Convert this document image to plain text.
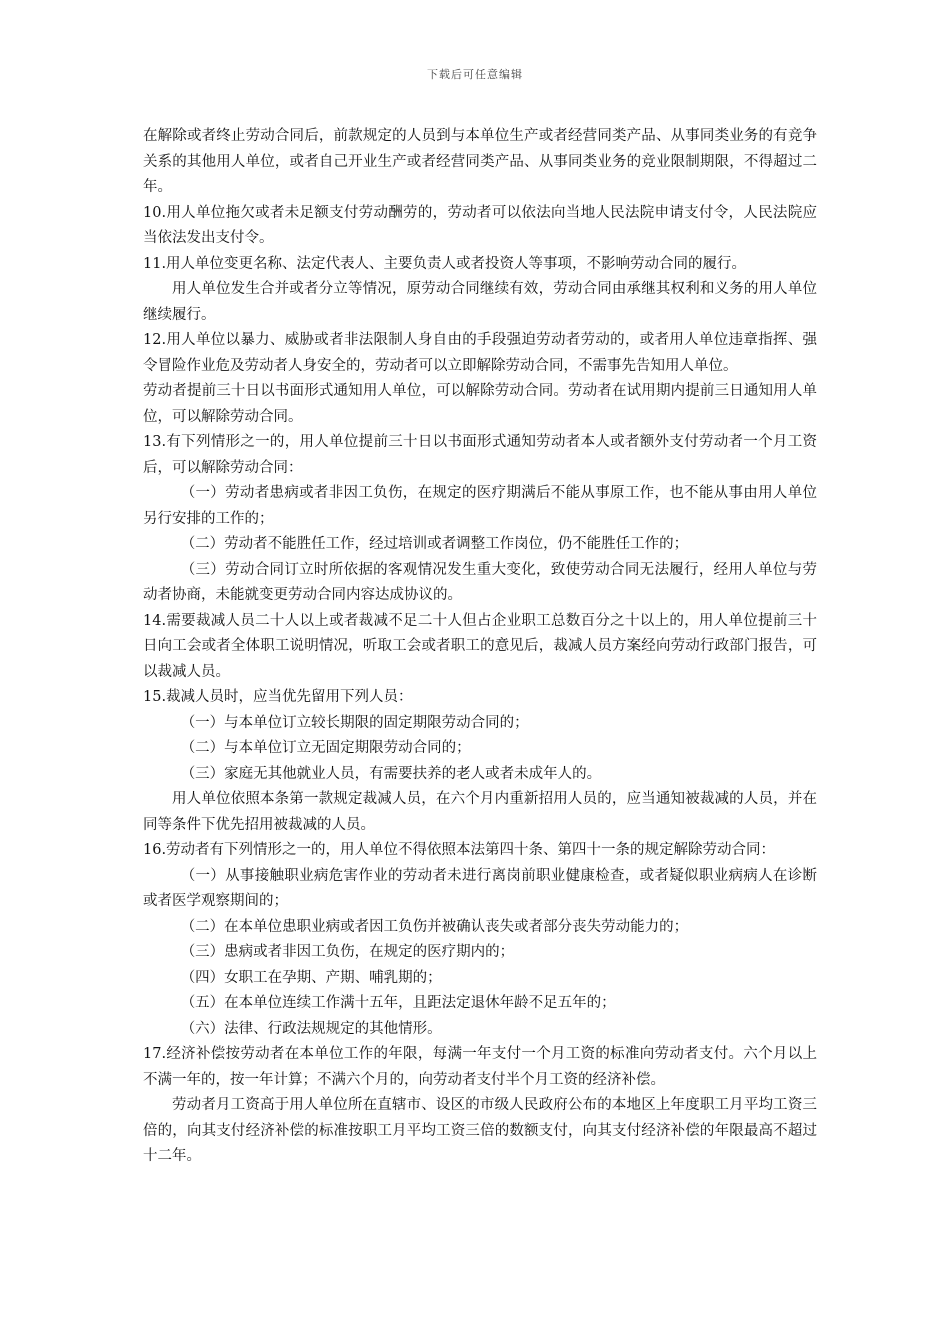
下载后可任意编辑

在解除或者终止劳动合同后，前款规定的人员到与本单位生产或者经营同类产品、从事同类业务的有竞争关系的其他用人单位，或者自己开业生产或者经营同类产品、从事同类业务的竞业限制期限，不得超过二年。

10.用人单位拖欠或者未足额支付劳动酬劳的，劳动者可以依法向当地人民法院申请支付令，人民法院应当依法发出支付令。

11.用人单位变更名称、法定代表人、主要负责人或者投资人等事项，不影响劳动合同的履行。

用人单位发生合并或者分立等情况，原劳动合同继续有效，劳动合同由承继其权利和义务的用人单位继续履行。

12.用人单位以暴力、威胁或者非法限制人身自由的手段强迫劳动者劳动的，或者用人单位违章指挥、强令冒险作业危及劳动者人身安全的，劳动者可以立即解除劳动合同，不需事先告知用人单位。

劳动者提前三十日以书面形式通知用人单位，可以解除劳动合同。劳动者在试用期内提前三日通知用人单位，可以解除劳动合同。

13.有下列情形之一的，用人单位提前三十日以书面形式通知劳动者本人或者额外支付劳动者一个月工资后，可以解除劳动合同：

（一）劳动者患病或者非因工负伤，在规定的医疗期满后不能从事原工作，也不能从事由用人单位另行安排的工作的；

（二）劳动者不能胜任工作，经过培训或者调整工作岗位，仍不能胜任工作的；

（三）劳动合同订立时所依据的客观情况发生重大变化，致使劳动合同无法履行，经用人单位与劳动者协商，未能就变更劳动合同内容达成协议的。

14.需要裁减人员二十人以上或者裁减不足二十人但占企业职工总数百分之十以上的，用人单位提前三十日向工会或者全体职工说明情况，听取工会或者职工的意见后，裁减人员方案经向劳动行政部门报告，可以裁减人员。

15.裁减人员时，应当优先留用下列人员：

（一）与本单位订立较长期限的固定期限劳动合同的；

（二）与本单位订立无固定期限劳动合同的；

（三）家庭无其他就业人员，有需要扶养的老人或者未成年人的。

用人单位依照本条第一款规定裁减人员，在六个月内重新招用人员的，应当通知被裁减的人员，并在同等条件下优先招用被裁减的人员。

16.劳动者有下列情形之一的，用人单位不得依照本法第四十条、第四十一条的规定解除劳动合同：

（一）从事接触职业病危害作业的劳动者未进行离岗前职业健康检查，或者疑似职业病病人在诊断或者医学观察期间的；

（二）在本单位患职业病或者因工负伤并被确认丧失或者部分丧失劳动能力的；

（三）患病或者非因工负伤，在规定的医疗期内的；

（四）女职工在孕期、产期、哺乳期的；

（五）在本单位连续工作满十五年，且距法定退休年龄不足五年的；

（六）法律、行政法规规定的其他情形。

17.经济补偿按劳动者在本单位工作的年限，每满一年支付一个月工资的标准向劳动者支付。六个月以上不满一年的，按一年计算；不满六个月的，向劳动者支付半个月工资的经济补偿。

劳动者月工资高于用人单位所在直辖市、设区的市级人民政府公布的本地区上年度职工月平均工资三倍的，向其支付经济补偿的标准按职工月平均工资三倍的数额支付，向其支付经济补偿的年限最高不超过十二年。
